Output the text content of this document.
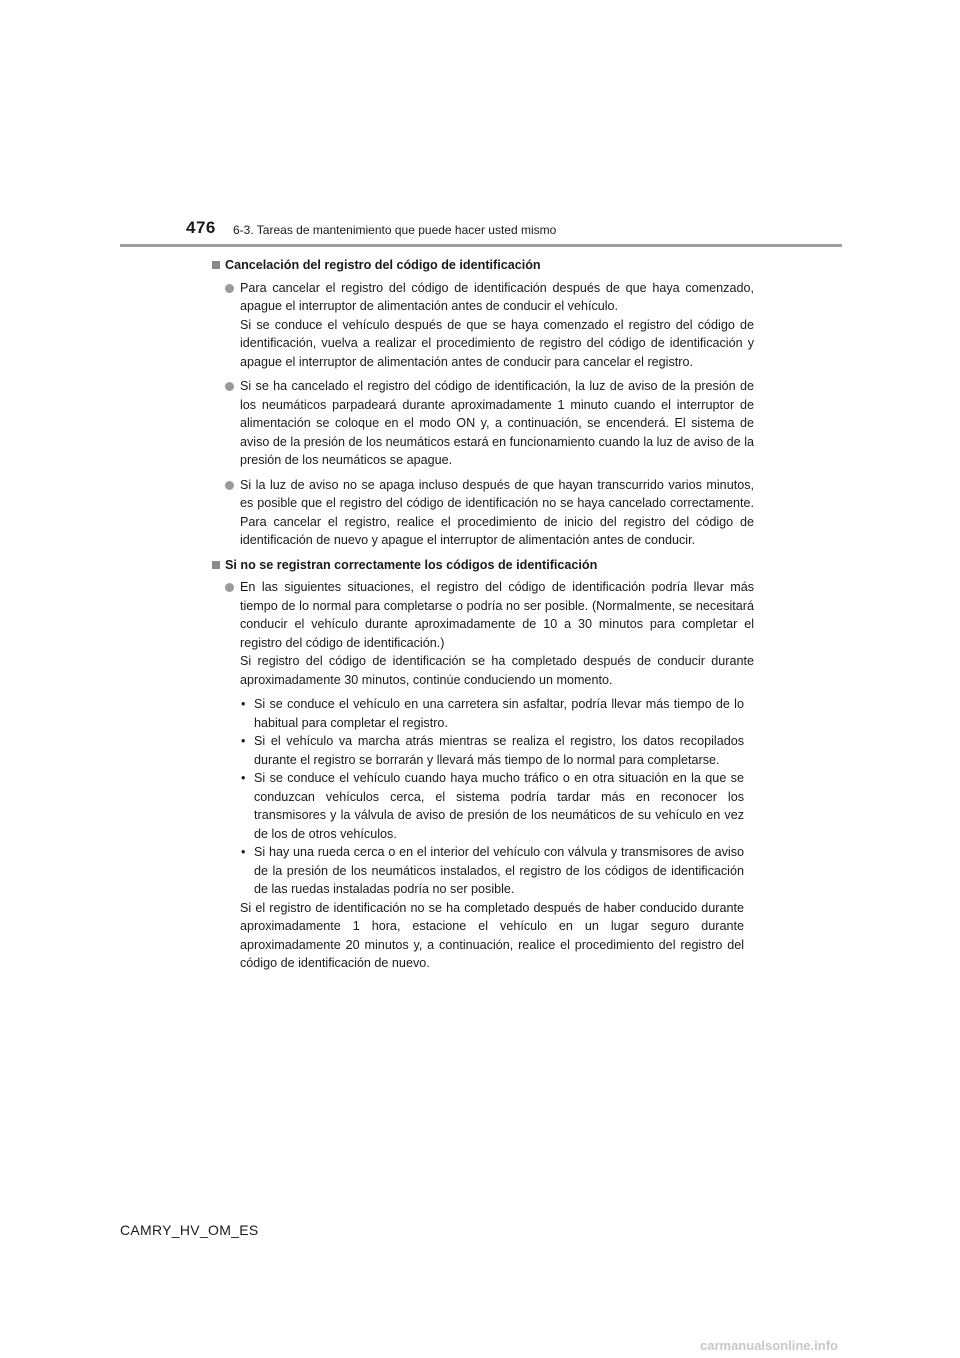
476 6-3. Tareas de mantenimiento que puede hacer usted mismo
Cancelación del registro del código de identificación

Para cancelar el registro del código de identificación después de que haya comenzado, apague el interruptor de alimentación antes de conducir el vehículo.

Si se conduce el vehículo después de que se haya comenzado el registro del código de identificación, vuelva a realizar el procedimiento de registro del código de identificación y apague el interruptor de alimentación antes de conducir para cancelar el registro.

Si se ha cancelado el registro del código de identificación, la luz de aviso de la presión de los neumáticos parpadeará durante aproximadamente 1 minuto cuando el interruptor de alimentación se coloque en el modo ON y, a continuación, se encenderá. El sistema de aviso de la presión de los neumáticos estará en funcionamiento cuando la luz de aviso de la presión de los neumáticos se apague.

Si la luz de aviso no se apaga incluso después de que hayan transcurrido varios minutos, es posible que el registro del código de identificación no se haya cancelado correctamente. Para cancelar el registro, realice el procedimiento de inicio del registro del código de identificación de nuevo y apague el interruptor de alimentación antes de conducir.

Si no se registran correctamente los códigos de identificación

En las siguientes situaciones, el registro del código de identificación podría llevar más tiempo de lo normal para completarse o podría no ser posible. (Normalmente, se necesitará conducir el vehículo durante aproximadamente de 10 a 30 minutos para completar el registro del código de identificación.)

Si registro del código de identificación se ha completado después de conducir durante aproximadamente 30 minutos, continúe conduciendo un momento.

• Si se conduce el vehículo en una carretera sin asfaltar, podría llevar más tiempo de lo habitual para completar el registro.

• Si el vehículo va marcha atrás mientras se realiza el registro, los datos recopilados durante el registro se borrarán y llevará más tiempo de lo normal para completarse.

• Si se conduce el vehículo cuando haya mucho tráfico o en otra situación en la que se conduzcan vehículos cerca, el sistema podría tardar más en reconocer los transmisores y la válvula de aviso de presión de los neumáticos de su vehículo en vez de los de otros vehículos.

• Si hay una rueda cerca o en el interior del vehículo con válvula y transmisores de aviso de la presión de los neumáticos instalados, el registro de los códigos de identificación de las ruedas instaladas podría no ser posible.

Si el registro de identificación no se ha completado después de haber conducido durante aproximadamente 1 hora, estacione el vehículo en un lugar seguro durante aproximadamente 20 minutos y, a continuación, realice el procedimiento del registro del código de identificación de nuevo.

CAMRY_HV_OM_ES
carmanualsonline.info
